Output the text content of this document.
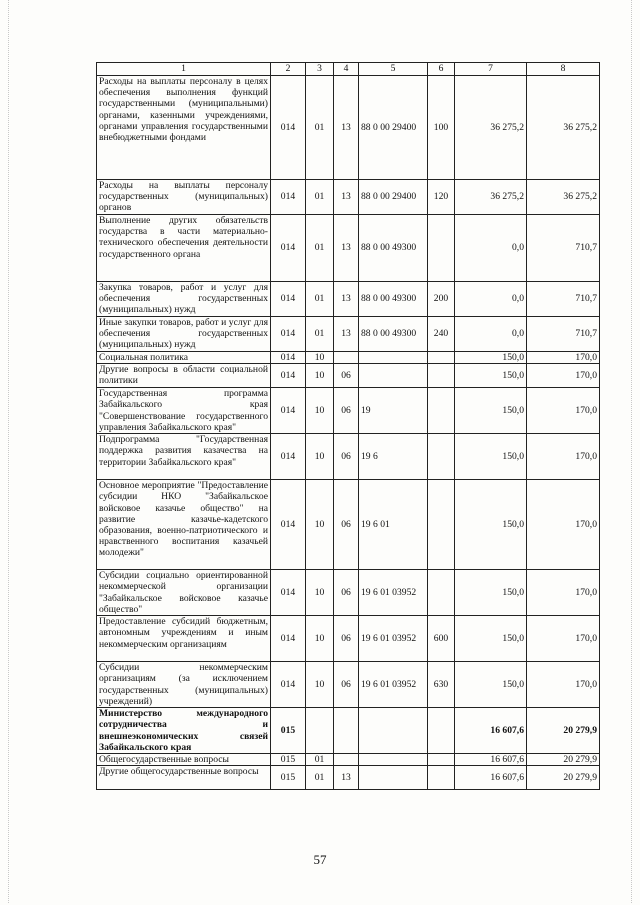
1	2	3	4	5	6	7	8
Расходы на выплаты персоналу в целях обеспечения выполнения функций государственными (муниципальными) органами, казенными учреждениями, органами управления государственными внебюджетными фондами	014	01	13	88 0 00 29400	100	36 275,2	36 275,2
Расходы на выплаты персоналу государственных (муниципальных) органов	014	01	13	88 0 00 29400	120	36 275,2	36 275,2
Выполнение других обязательств государства в части материально-технического обеспечения деятельности государственного органа	014	01	13	88 0 00 49300		0,0	710,7
Закупка товаров, работ и услуг для обеспечения государственных (муниципальных) нужд	014	01	13	88 0 00 49300	200	0,0	710,7
Иные закупки товаров, работ и услуг для обеспечения государственных (муниципальных) нужд	014	01	13	88 0 00 49300	240	0,0	710,7
Социальная политика	014	10				150,0	170,0
Другие вопросы в области социальной политики	014	10	06			150,0	170,0
Государственная программа Забайкальского края "Совершенствование государственного управления Забайкальского края"	014	10	06	19		150,0	170,0
Подпрограмма "Государственная поддержка развития казачества на территории Забайкальского края"	014	10	06	19 6		150,0	170,0
Основное мероприятие "Предоставление субсидии НКО "Забайкальское войсковое казачье общество" на развитие казачье-кадетского образования, военно-патриотического и нравственного воспитания казачьей молодежи"	014	10	06	19 6 01		150,0	170,0
Субсидии социально ориентированной некоммерческой организации "Забайкальское войсковое казачье общество"	014	10	06	19 6 01 03952		150,0	170,0
Предоставление субсидий бюджетным, автономным учреждениям и иным некоммерческим организациям	014	10	06	19 6 01 03952	600	150,0	170,0
Субсидии некоммерческим организациям (за исключением государственных (муниципальных) учреждений)	014	10	06	19 6 01 03952	630	150,0	170,0
Министерство международного сотрудничества и внешнеэкономических связей Забайкальского края	015					16 607,6	20 279,9
Общегосударственные вопросы	015	01				16 607,6	20 279,9
Другие общегосударственные вопросы	015	01	13			16 607,6	20 279,9
57
